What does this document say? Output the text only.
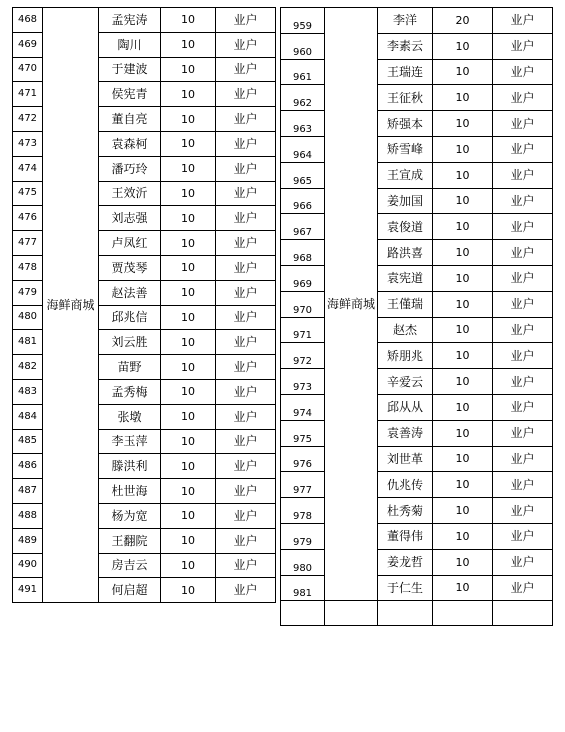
468	海鲜商城	孟宪涛	10	业户
469		陶川	10	业户
470		于建波	10	业户
471		侯宪青	10	业户
472		董自亮	10	业户
473		袁森柯	10	业户
474		潘巧玲	10	业户
475		王效沂	10	业户
476		刘志强	10	业户
477		卢凤红	10	业户
478		贾茂琴	10	业户
479		赵法善	10	业户
480		邱兆信	10	业户
481		刘云胜	10	业户
482		苗野	10	业户
483		孟秀梅	10	业户
484		张墩	10	业户
485		李玉萍	10	业户
486		滕洪利	10	业户
487		杜世海	10	业户
488		杨为宽	10	业户
489		王翻院	10	业户
490		房吉云	10	业户
491		何启超	10	业户
959	海鲜商城	李洋	20	业户
960		李素云	10	业户
961		王瑞连	10	业户
962		王征秋	10	业户
963		矫强本	10	业户
964		矫雪峰	10	业户
965		王宣成	10	业户
966		姜加国	10	业户
967		袁俊道	10	业户
968		路洪喜	10	业户
969		袁宪道	10	业户
970		王僅瑞	10	业户
971		赵杰	10	业户
972		矫朋兆	10	业户
973		辛爱云	10	业户
974		邱从从	10	业户
975		袁善涛	10	业户
976		刘世革	10	业户
977		仇兆传	10	业户
978		杜秀菊	10	业户
979		董得伟	10	业户
980		姜龙哲	10	业户
981		于仁生	10	业户
